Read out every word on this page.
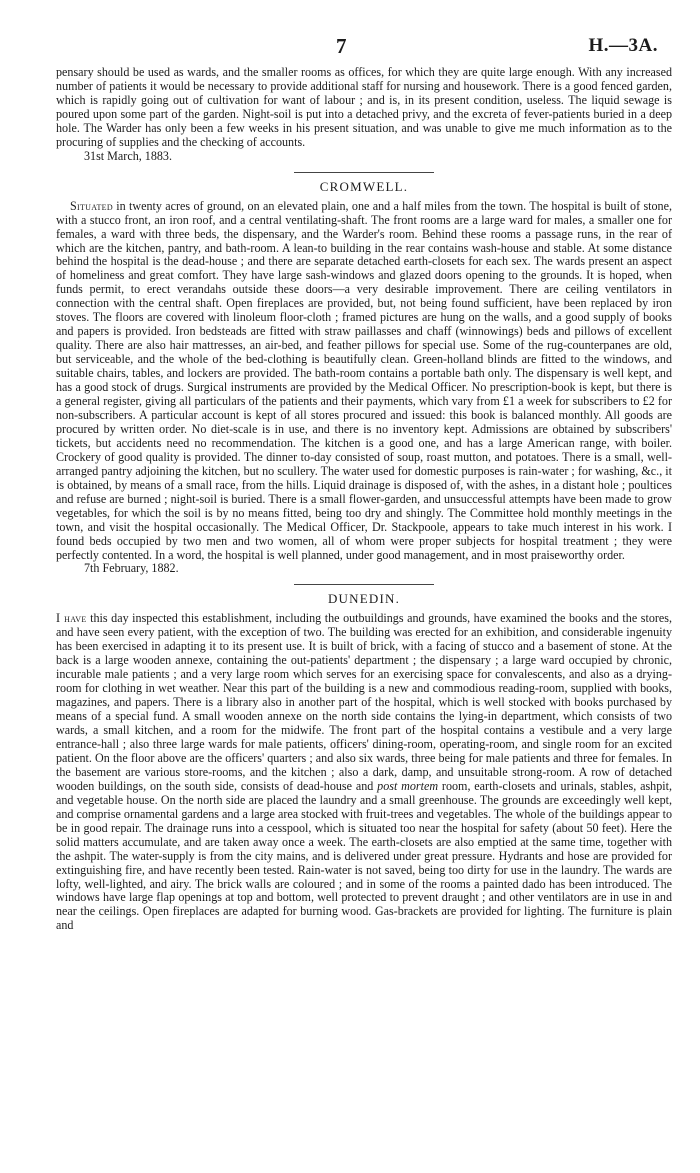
7	H.—3A.

pensary should be used as wards, and the smaller rooms as offices, for which they are quite large enough. With any increased number of patients it would be necessary to provide additional staff for nursing and housework. There is a good fenced garden, which is rapidly going out of cultivation for want of labour ; and is, in its present condition, useless. The liquid sewage is poured upon some part of the garden. Night-soil is put into a detached privy, and the excreta of fever-patients buried in a deep hole. The Warder has only been a few weeks in his present situation, and was unable to give me much information as to the procuring of supplies and the checking of accounts.

31st March, 1883.
CROMWELL.

Situated in twenty acres of ground, on an elevated plain, one and a half miles from the town. The hospital is built of stone, with a stucco front, an iron roof, and a central ventilating-shaft. The front rooms are a large ward for males, a smaller one for females, a ward with three beds, the dispensary, and the Warder's room. Behind these rooms a passage runs, in the rear of which are the kitchen, pantry, and bath-room. A lean-to building in the rear contains wash-house and stable. At some distance behind the hospital is the dead-house ; and there are separate detached earth-closets for each sex. The wards present an aspect of homeliness and great comfort. They have large sash-windows and glazed doors opening to the grounds. It is hoped, when funds permit, to erect verandahs outside these doors—a very desirable improvement. There are ceiling ventilators in connection with the central shaft. Open fireplaces are provided, but, not being found sufficient, have been replaced by iron stoves. The floors are covered with linoleum floor-cloth ; framed pictures are hung on the walls, and a good supply of books and papers is provided. Iron bedsteads are fitted with straw paillasses and chaff (winnowings) beds and pillows of excellent quality. There are also hair mattresses, an air-bed, and feather pillows for special use. Some of the rug-counterpanes are old, but serviceable, and the whole of the bed-clothing is beautifully clean. Green-holland blinds are fitted to the windows, and suitable chairs, tables, and lockers are provided. The bath-room contains a portable bath only. The dispensary is well kept, and has a good stock of drugs. Surgical instruments are provided by the Medical Officer. No prescription-book is kept, but there is a general register, giving all particulars of the patients and their payments, which vary from £1 a week for subscribers to £2 for non-subscribers. A particular account is kept of all stores procured and issued: this book is balanced monthly. All goods are procured by written order. No diet-scale is in use, and there is no inventory kept. Admissions are obtained by subscribers' tickets, but accidents need no recommendation. The kitchen is a good one, and has a large American range, with boiler. Crockery of good quality is provided. The dinner to-day consisted of soup, roast mutton, and potatoes. There is a small, well-arranged pantry adjoining the kitchen, but no scullery. The water used for domestic purposes is rain-water ; for washing, &c., it is obtained, by means of a small race, from the hills. Liquid drainage is disposed of, with the ashes, in a distant hole ; poultices and refuse are burned ; night-soil is buried. There is a small flower-garden, and unsuccessful attempts have been made to grow vegetables, for which the soil is by no means fitted, being too dry and shingly. The Committee hold monthly meetings in the town, and visit the hospital occasionally. The Medical Officer, Dr. Stackpoole, appears to take much interest in his work. I found beds occupied by two men and two women, all of whom were proper subjects for hospital treatment ; they were perfectly contented. In a word, the hospital is well planned, under good management, and in most praiseworthy order.

7th February, 1882.
DUNEDIN.

I have this day inspected this establishment, including the outbuildings and grounds, have examined the books and the stores, and have seen every patient, with the exception of two. The building was erected for an exhibition, and considerable ingenuity has been exercised in adapting it to its present use. It is built of brick, with a facing of stucco and a basement of stone. At the back is a large wooden annexe, containing the out-patients' department ; the dispensary ; a large ward occupied by chronic, incurable male patients ; and a very large room which serves for an exercising space for convalescents, and also as a drying-room for clothing in wet weather. Near this part of the building is a new and commodious reading-room, supplied with books, magazines, and papers. There is a library also in another part of the hospital, which is well stocked with books purchased by means of a special fund. A small wooden annexe on the north side contains the lying-in department, which consists of two wards, a small kitchen, and a room for the midwife. The front part of the hospital contains a vestibule and a very large entrance-hall ; also three large wards for male patients, officers' dining-room, operating-room, and single room for an excited patient. On the floor above are the officers' quarters ; and also six wards, three being for male patients and three for females. In the basement are various store-rooms, and the kitchen ; also a dark, damp, and unsuitable strong-room. A row of detached wooden buildings, on the south side, consists of dead-house and post mortem room, earth-closets and urinals, stables, ashpit, and vegetable house. On the north side are placed the laundry and a small greenhouse. The grounds are exceedingly well kept, and comprise ornamental gardens and a large area stocked with fruit-trees and vegetables. The whole of the buildings appear to be in good repair. The drainage runs into a cesspool, which is situated too near the hospital for safety (about 50 feet). Here the solid matters accumulate, and are taken away once a week. The earth-closets are also emptied at the same time, together with the ashpit. The water-supply is from the city mains, and is delivered under great pressure. Hydrants and hose are provided for extinguishing fire, and have recently been tested. Rain-water is not saved, being too dirty for use in the laundry. The wards are lofty, well-lighted, and airy. The brick walls are coloured ; and in some of the rooms a painted dado has been introduced. The windows have large flap openings at top and bottom, well protected to prevent draught ; and other ventilators are in use in and near the ceilings. Open fireplaces are adapted for burning wood. Gas-brackets are provided for lighting. The furniture is plain and
